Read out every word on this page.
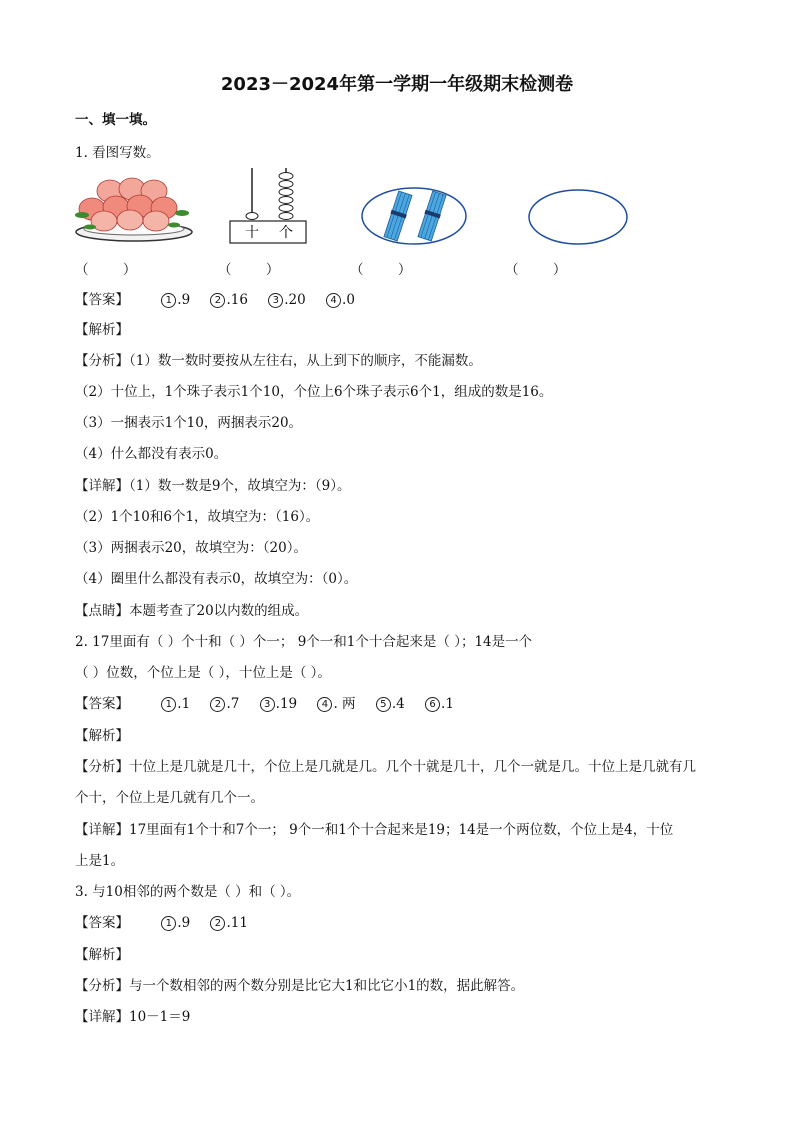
2023－2024年第一学期一年级期末检测卷
一、填一填。
1. 看图写数。
十 个
（        ）	（        ）	（        ）	（        ）
【答案】	1 .9 2 .16 3 .20 4 .0
【解析】
【分析】（1）数一数时要按从左往右，从上到下的顺序，不能漏数。
（2）十位上，1个珠子表示1个10，个位上6个珠子表示6个1，组成的数是16。
（3）一捆表示1个10，两捆表示20。
（4）什么都没有表示0。
【详解】（1）数一数是9个，故填空为：（9）。
（2）1个10和6个1，故填空为：（16）。
（3）两捆表示20，故填空为：（20）。
（4）圈里什么都没有表示0，故填空为：（0）。
【点睛】本题考查了20以内数的组成。
2. 17里面有（ ）个十和（ ）个一； 9个一和1个十合起来是（ ）；14是一个
（ ）位数，个位上是（ ），十位上是（ ）。
【答案】	1 .1 2 .7 3 .19 4 . 两 5 .4 6 .1
【解析】
【分析】十位上是几就是几十，个位上是几就是几。几个十就是几十，几个一就是几。十位上是几就有几
个十，个位上是几就有几个一。
【详解】17里面有1个十和7个一； 9个一和1个十合起来是19；14是一个两位数，个位上是4，十位
上是1。
3. 与10相邻的两个数是（ ）和（ ）。
【答案】	1 .9 2 .11
【解析】
【分析】与一个数相邻的两个数分别是比它大1和比它小1的数，据此解答。
【详解】10－1＝9
